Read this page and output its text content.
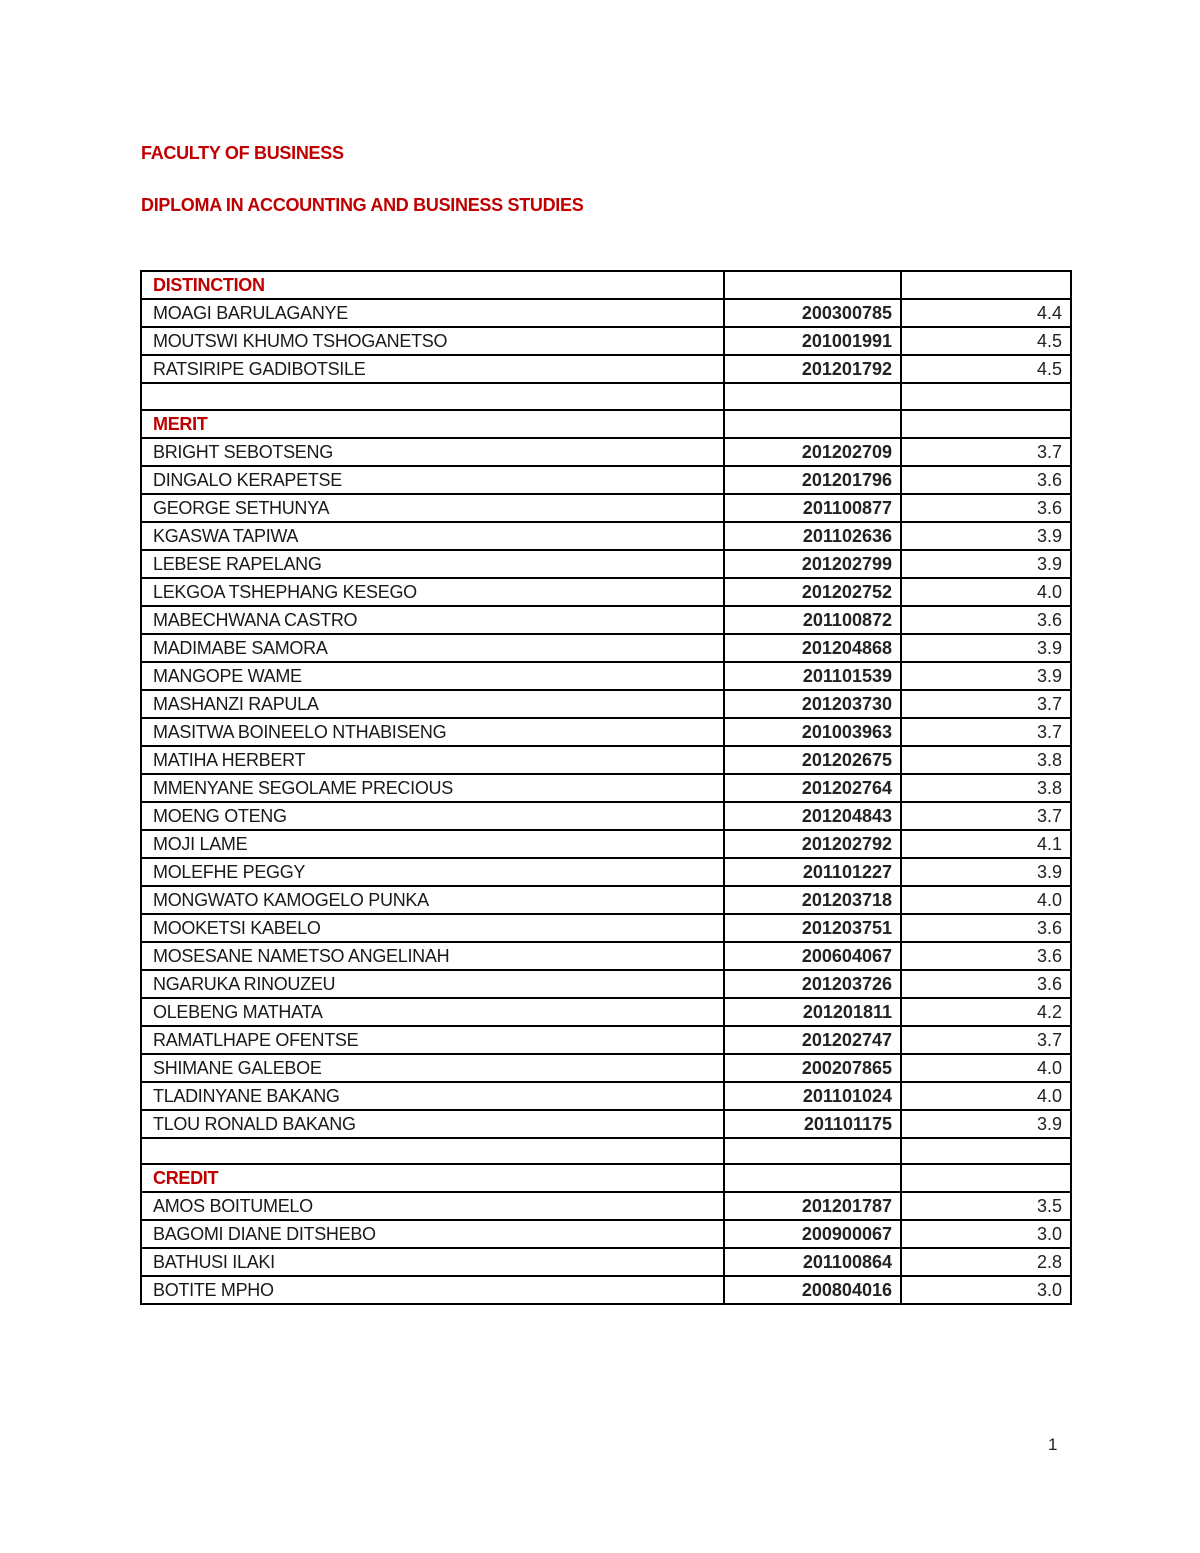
FACULTY OF BUSINESS
DIPLOMA IN ACCOUNTING AND BUSINESS STUDIES
DISTINCTION		
MOAGI BARULAGANYE	200300785	4.4
MOUTSWI KHUMO TSHOGANETSO	201001991	4.5
RATSIRIPE GADIBOTSILE	201201792	4.5

MERIT		
BRIGHT SEBOTSENG	201202709	3.7
DINGALO KERAPETSE	201201796	3.6
GEORGE SETHUNYA	201100877	3.6
KGASWA TAPIWA	201102636	3.9
LEBESE RAPELANG	201202799	3.9
LEKGOA TSHEPHANG KESEGO	201202752	4.0
MABECHWANA CASTRO	201100872	3.6
MADIMABE SAMORA	201204868	3.9
MANGOPE WAME	201101539	3.9
MASHANZI RAPULA	201203730	3.7
MASITWA BOINEELO NTHABISENG	201003963	3.7
MATIHA HERBERT	201202675	3.8
MMENYANE SEGOLAME PRECIOUS	201202764	3.8
MOENG OTENG	201204843	3.7
MOJI LAME	201202792	4.1
MOLEFHE PEGGY	201101227	3.9
MONGWATO KAMOGELO PUNKA	201203718	4.0
MOOKETSI KABELO	201203751	3.6
MOSESANE NAMETSO ANGELINAH	200604067	3.6
NGARUKA RINOUZEU	201203726	3.6
OLEBENG MATHATA	201201811	4.2
RAMATLHAPE OFENTSE	201202747	3.7
SHIMANE GALEBOE	200207865	4.0
TLADINYANE BAKANG	201101024	4.0
TLOU RONALD BAKANG	201101175	3.9

CREDIT		
AMOS BOITUMELO	201201787	3.5
BAGOMI DIANE DITSHEBO	200900067	3.0
BATHUSI ILAKI	201100864	2.8
BOTITE MPHO	200804016	3.0
1
